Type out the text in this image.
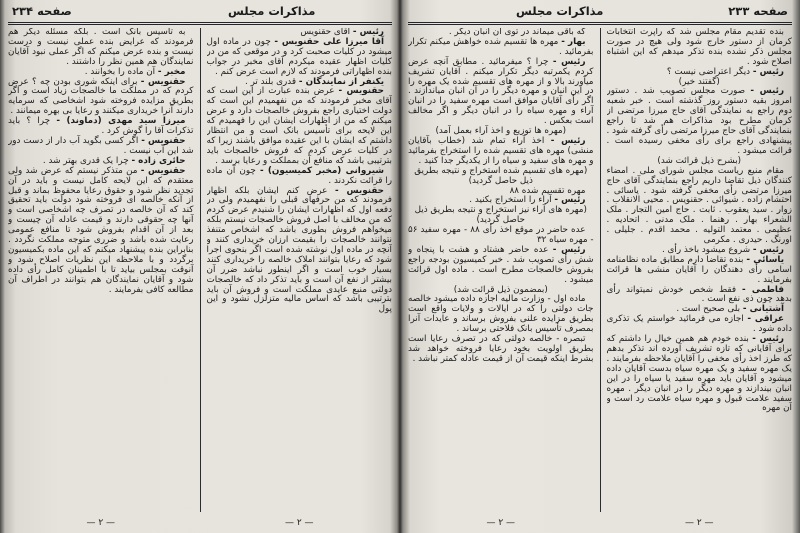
صفحه ۲۳۳
مذاکرات مجلس

بنده تقدیم مقام مجلس شد که راپرت انتخابات کرمان از دستور خارج شود ولی هیچ در صورت مجلس ذکر نشده بنده تذکر میدهم که این اشتباه اصلاح شود .

رئیس - دیگر اعتراضی نیست ؟

(گفتند خیر)

رئیس - صورت مجلس تصویب شد . دستور امروز بقیه دستور روز گذشته است . خبر شعبه دوم راجع به نمایندگی آقای حاج میرزا مرتضی از کرمان مطرح بود مذاکرات هم شد تا راجع بنمایندگی آقای حاج میرزا مرتضی رأی گرفته شود . پیشنهادی راجع برای رأی مخفی رسیده است . قرائت میشود .

(بشرح ذیل قرائت شد)

مقام منیع ریاست مجلس شورای ملی . امضاء کنندگان ذیل تقاضا داریم راجع بنمایندگی آقای حاج میرزا مرتضی رأی مخفی گرفته شود . یاسائی . احتشام زاده . شیوائی . حقنویس . محیی الانقلاب . زوار . سید یعقوب . ثابت . حاج امین التجار . ملک الشعراء بهار . رهنما . ملک مدنی . اتحادیه . عظیمی . معتمد التولیه . محمد اقدم . جلیلی . اورنگ . حیدری . مکرمی

رئیس - شروع میشود باخذ رأی .

یاسائی - بنده تقاضا دارم مطابق ماده نظامنامه اسامی رأی دهندگان را آقایان منشی ها قرائت بفرمایند .

فاطمی - فقط شخص خودش نمیتواند رأی بدهد چون ذی نفع است .

آشتیانی - بلی صحیح است .

عراقی - اجازه می فرمائید خواستم یک تذکری داده شود .

رئیس - بنده خودم هم همین خیال را داشتم که برای آقایانی که تازه تشریف آورده اند تذکر بدهم که طرز اخذ رأی مخفی را آقایان ملاحظه بفرمایند . یک مهره سفید و یک مهره سیاه بدست آقایان داده میشود و آقایان باید مهره سفید یا سیاه را در این انبان بیندازند و مهره دیگر را در انبان دیگر . مهره سفید علامت قبول و مهره سیاه علامت رد است و آن مهره

— ۲ —

که باقی میماند در توی آن انبان دیگر .

بهار - مهره ها تقسیم شده خواهش میکنم تکرار بفرمائید .

رئیس - چرا ؟ میفرمائید . مطابق آنچه عرض کردم یکمرتبه دیگر تکرار میکنم . آقایان تشریف میآورند بالا و از مهره های تقسیم شده یک مهره را در این انبان و مهره دیگر را در آن انبان میاندازند . اگر رأی آقایان موافق است مهره سفید را در انبان آراء و مهره سیاه را در انبان دیگر و اگر مخالف است بعکس .

(مهره ها توزیع و اخذ آراء بعمل آمد)

رئیس - اخذ آراء تمام شد (خطاب بآقایان منشی) مهره های تقسیم شده را استخراج بفرمائید و مهره های سفید و سیاه را از یکدیگر جدا کنید .

(مهره های تقسیم شده استخراج و نتیجه بطریق ذیل حاصل گردید)

مهره تقسیم شده ۸۸

رئیس - آراء را استخراج بکنید .

(مهره های آراء نیز استخراج و نتیجه بطریق ذیل حاصل گردید)

عده حاضر در موقع اخذ رأی ۸۸ - مهره سفید ۵۶ - مهره سیاه ۳۲

رئیس - عده حاضر هشتاد و هشت با پنجاه و شش رأی تصویب شد . خبر کمیسیون بودجه راجع بفروش خالصجات مطرح است . ماده اول قرائت میشود .

(بمضمون ذیل قرائت شد)

ماده اول - وزارت مالیه اجازه داده میشود خالصه جات دولتی را که در ایالات و ولایات واقع است بطریق مزایده علنی بفروش برساند و عایدات آنرا بمصرف تأسیس بانک فلاحتی برساند .

تبصره - خالصه دولتی که در تصرف رعایا است بطریق اولویت بخود رعایا فروخته خواهد شد بشرط اینکه قیمت آن از قیمت عادله کمتر نباشد .

— ۲ —
صفحه ۲۳۴	مذاکرات مجلس

رئیس - آقای حقنویس

آقا میرزا علی حقنویس - چون در ماده اول میشود در کلیات صحبت کرد و در موقعی که من در کلیات اظهار عقیده میکردم آقای مخبر در جواب بنده اظهاراتی فرمودند که لازم است عرض کنم .

یکنفر از نمایندگان - قدری بلند تر .

حقنویس - عرض بنده عبارت از این است که آقای مخبر فرمودند که من نفهمیدم این است که دولت اختیاری راجع بفروش خالصجات دارد و عرض میکنم که من از اظهارات ایشان این را فهمیدم که این لایحه برای تأسیس بانک است و من انتظار داشتم که ایشان با این عقیده موافق باشند زیرا که در کلیات عرض کردم که فروش خالصجات باید بترتیبی باشد که منافع آن بمملکت و رعایا برسد .

شیروانی (مخبر کمیسیون) - چون آن ماده را قرائت نکردند .

حقنویس - عرض کنم ایشان بلکه اظهار فرمودند که من حرفهای قبلی را نفهمیدم ولی در دفعه اول که اظهارات ایشان را شنیدم عرض کردم که من مخالف با اصل فروش خالصجات نیستم بلکه میخواهم فروش بطوری باشد که اشخاص متنفذ نتوانند خالصجات را بقیمت ارزان خریداری کنند و آنچه در ماده اول نوشته شده است اگر بنحوی اجرا شود که رعایا بتوانند املاک خالصه را خریداری کنند بسیار خوب است و اگر اینطور نباشد ضرر آن بیشتر از نفع آن است و باید تذکر داد که خالصجات دولتی منبع عایدی مملکت است و فروش آن باید بترتیبی باشد که اساس مالیه متزلزل نشود و این پول

— ۲ —

به تأسیس بانک است . بلکه مسئله دیگر هم فرمودند که عرایض بنده عملی نیست و درست نیست و بنده عرض میکنم که اگر عملی نبود آقایان نمایندگان هم همین نظر را داشتند .

مخبر - آن ماده را بخوانند .

حقنویس - برای اینکه شوری بودن چه ؟ عرض کردم که در مملکت ما خالصجات زیاد است و اگر بطریق مزایده فروخته شود اشخاصی که سرمایه دارند آنرا خریداری میکنند و رعایا بی بهره میمانند .

میرزا سید مهدی (دماوند) - چرا ؟ باید تذکرات آقا را گوش کرد .

حقنویس - اگر کسی بگوید آب دار از دست دور شد این آب نیست .

حائری زاده - چرا یک قدری بهتر شد .

حقنویس - من متذکر نیستم که عرض شد ولی معتقدم که این لایحه کامل نیست و باید در آن تجدید نظر شود و حقوق رعایا محفوظ بماند و قبل از آنکه خالصه ای فروخته شود دولت باید تحقیق کند که آن خالصه در تصرف چه اشخاصی است و آنها چه حقوقی دارند و قیمت عادله آن چیست و بعد از آن اقدام بفروش شود تا منافع عمومی رعایت شده باشد و ضرری متوجه مملکت نگردد . بنابراین بنده پیشنهاد میکنم که این ماده بکمیسیون برگردد و با ملاحظه این نظریات اصلاح شود و آنوقت بمجلس بیاید تا با اطمینان کامل رأی داده شود و آقایان نمایندگان هم بتوانند در اطراف آن مطالعه کافی بفرمایند .

— ۲ —
